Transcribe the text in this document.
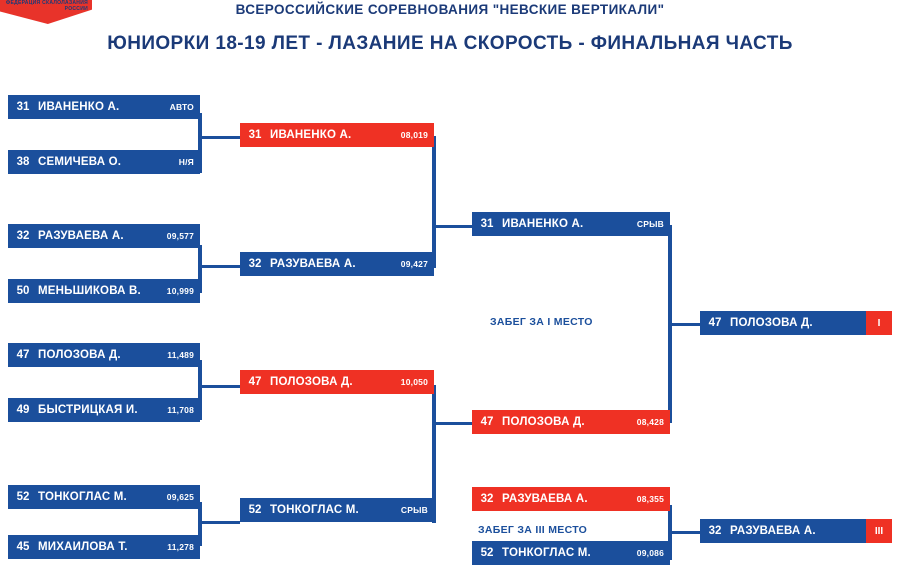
ФЕДЕРАЦИЯ СКАЛОЛАЗАНИЯ РОССИИ	ВСЕРОССИЙСКИЕ СОРЕВНОВАНИЯ "НЕВСКИЕ ВЕРТИКАЛИ"
ЮНИОРКИ 18-19 ЛЕТ - ЛАЗАНИЕ НА СКОРОСТЬ - ФИНАЛЬНАЯ ЧАСТЬ
31 ИВАНЕНКО А.	АВТО
38 СЕМИЧЕВА О.	Н/Я
32 РАЗУВАЕВА А.	09,577
50 МЕНЬШИКОВА В.	10,999
47 ПОЛОЗОВА Д.	11,489
49 БЫСТРИЦКАЯ И.	11,708
52 ТОНКОГЛАС М.	09,625
45 МИХАЙЛОВА Т.	11,278
31 ИВАНЕНКО А.	08,019
32 РАЗУВАЕВА А.	09,427
47 ПОЛОЗОВА Д.	10,050
52 ТОНКОГЛАС М.	СРЫВ
31 ИВАНЕНКО А.	СРЫВ
47 ПОЛОЗОВА Д.	08,428
ЗАБЕГ ЗА I МЕСТО
32 РАЗУВАЕВА А.	08,355
ЗАБЕГ ЗА III МЕСТО
52 ТОНКОГЛАС М.	09,086
47 ПОЛОЗОВА Д.	I
32 РАЗУВАЕВА А.	III
